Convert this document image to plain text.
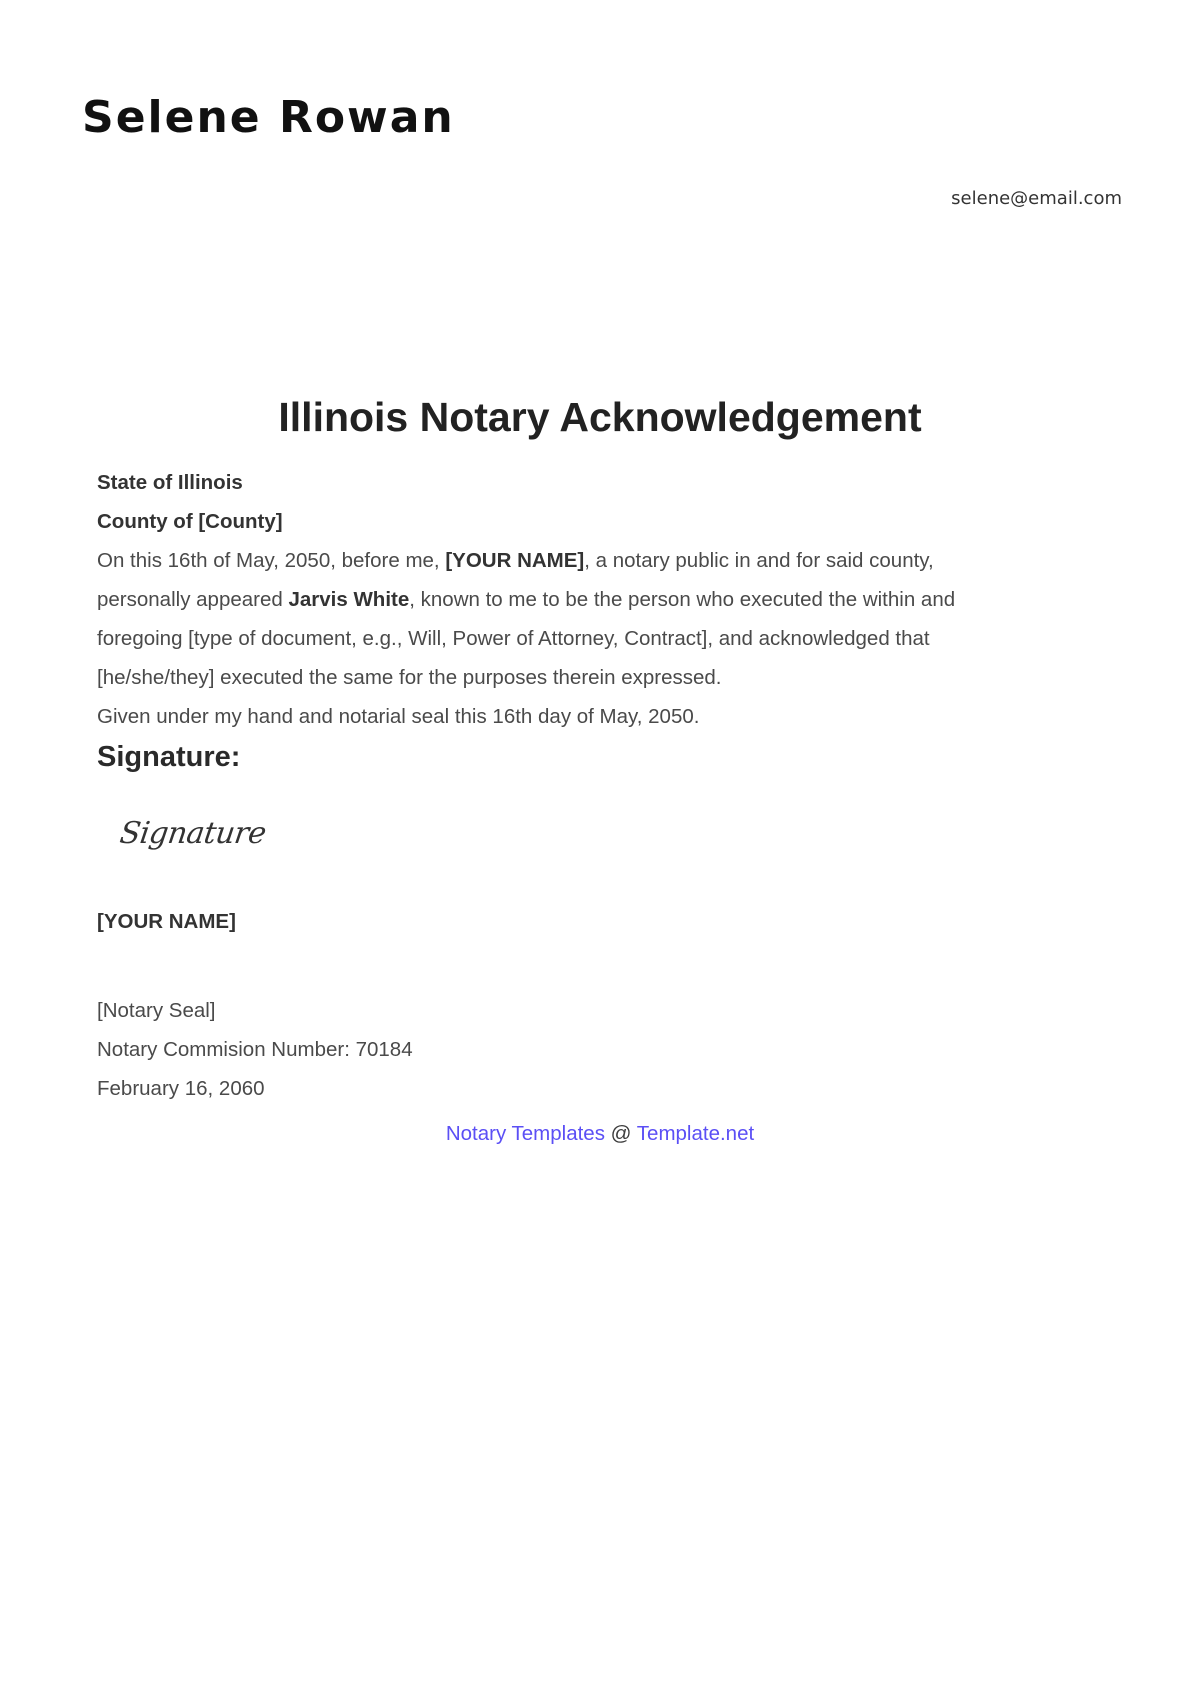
Selene Rowan
selene@email.com
Illinois Notary Acknowledgement

State of Illinois

County of [County]

On this 16th of May, 2050, before me, [YOUR NAME], a notary public in and for said county,

personally appeared Jarvis White, known to me to be the person who executed the within and

foregoing [type of document, e.g., Will, Power of Attorney, Contract], and acknowledged that

[he/she/they] executed the same for the purposes therein expressed.

Given under my hand and notarial seal this 16th day of May, 2050.

Signature:
Signature

[YOUR NAME]

[Notary Seal]

Notary Commision Number: 70184

February 16, 2060

Notary Templates @ Template.net
